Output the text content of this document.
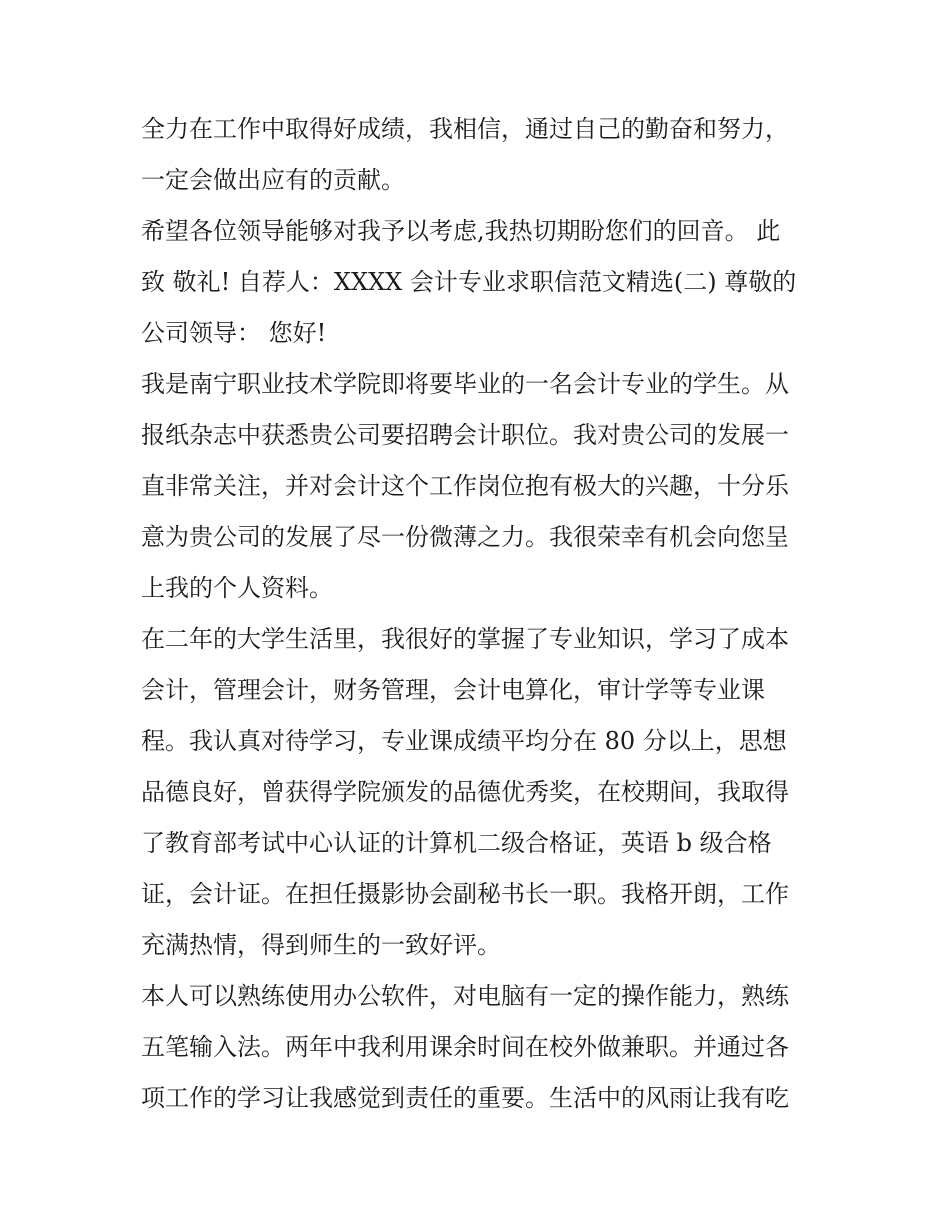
全力在工作中取得好成绩，我相信，通过自己的勤奋和努力，
一定会做出应有的贡献。
希望各位领导能够对我予以考虑,我热切期盼您们的回音。 此
致 敬礼! 自荐人：XXXX 会计专业求职信范文精选(二) 尊敬的
公司领导： 您好!
我是南宁职业技术学院即将要毕业的一名会计专业的学生。从
报纸杂志中获悉贵公司要招聘会计职位。我对贵公司的发展一
直非常关注，并对会计这个工作岗位抱有极大的兴趣，十分乐
意为贵公司的发展了尽一份微薄之力。我很荣幸有机会向您呈
上我的个人资料。
在二年的大学生活里，我很好的掌握了专业知识，学习了成本
会计，管理会计，财务管理，会计电算化，审计学等专业课
程。我认真对待学习，专业课成绩平均分在 80 分以上，思想
品德良好，曾获得学院颁发的品德优秀奖，在校期间，我取得
了教育部考试中心认证的计算机二级合格证，英语 b 级合格
证，会计证。在担任摄影协会副秘书长一职。我格开朗，工作
充满热情，得到师生的一致好评。
本人可以熟练使用办公软件，对电脑有一定的操作能力，熟练
五笔输入法。两年中我利用课余时间在校外做兼职。并通过各
项工作的学习让我感觉到责任的重要。生活中的风雨让我有吃
